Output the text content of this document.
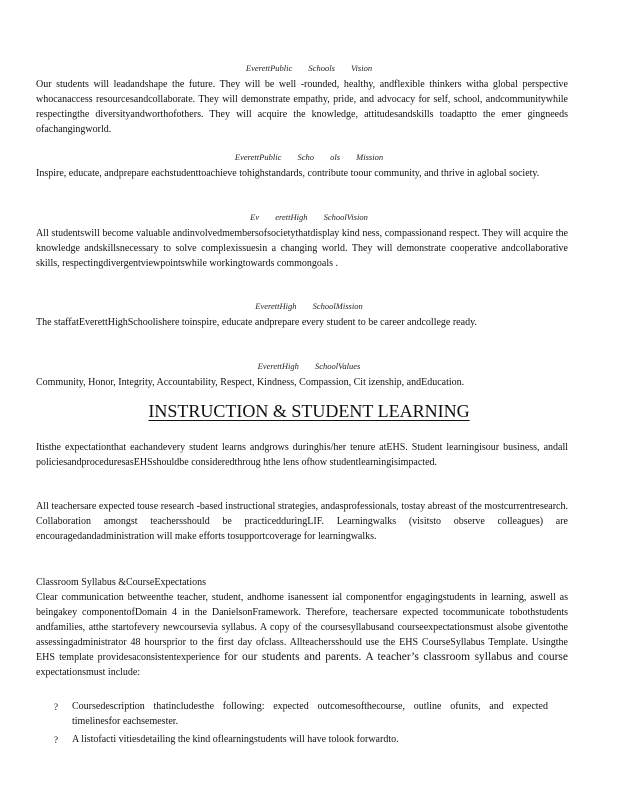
EverettPublic Schools Vision

Our students will leadandshape the future. They will be well -rounded, healthy, andflexible thinkers witha global perspective whocanaccess resourcesandcollaborate. They will demonstrate empathy, pride, and advocacy for self, school, andcommunitywhile respectingthe diversityandworthofothers. They will acquire the knowledge, attitudesandskills toadaptto the emer gingneeds ofachangingworld.

EverettPublic Scho ols Mission

Inspire, educate, andprepare eachstudenttoachieve tohighstandards, contribute toour community, and thrive in aglobal society.

Ev erettHigh SchoolVision

All studentswill become valuable andinvolvedmembersofsocietythatdisplay kind ness, compassionand respect. They will acquire the knowledge andskillsnecessary to solve complexissuesin a changing world. They will demonstrate cooperative andcollaborative skills, respectingdivergentviewpointswhile workingtowards commongoals .

EverettHigh SchoolMission

The staffatEverettHighSchoolishere toinspire, educate andprepare every student to be career andcollege ready.

EverettHigh SchoolValues

Community, Honor, Integrity, Accountability, Respect, Kindness, Compassion, Cit izenship, andEducation.

INSTRUCTION & STUDENT LEARNING

Itisthe expectationthat eachandevery student learns andgrows duringhis/her tenure atEHS. Student learningisour business, andall policiesandproceduresasEHSshouldbe consideredthroug hthe lens ofhow studentlearningisimpacted.

All teachersare expected touse research -based instructional strategies, andasprofessionals, tostay abreast of the mostcurrentresearch. Collaboration amongst teachersshould be practicedduringLIF. Learningwalks (visitsto observe colleagues) are encouragedandadministration will make efforts tosupportcoverage for learningwalks.

Classroom Syllabus &CourseExpectations

Clear communication betweenthe teacher, student, andhome isanessent ial componentfor engagingstudents in learning, aswell as beingakey componentofDomain 4 in the DanielsonFramework. Therefore, teachersare expected tocommunicate tobothstudents andfamilies, atthe startofevery newcoursevia syllabus. A copy of the coursesyllabusand courseexpectationsmust alsobe giventothe assessingadministrator 48 hoursprior to the first day ofclass. Allteachersshould use the EHS CourseSyllabus Template. Usingthe EHS template providesaconsistentexperience for our students and parents. A teacher’s classroom syllabus and course expectationsmust include:

?	Coursedescription thatincludesthe following: expected outcomesofthecourse, outline ofunits, and expected timelinesfor eachsemester.

?	A listofacti vitiesdetailing the kind oflearningstudents will have tolook forwardto.
